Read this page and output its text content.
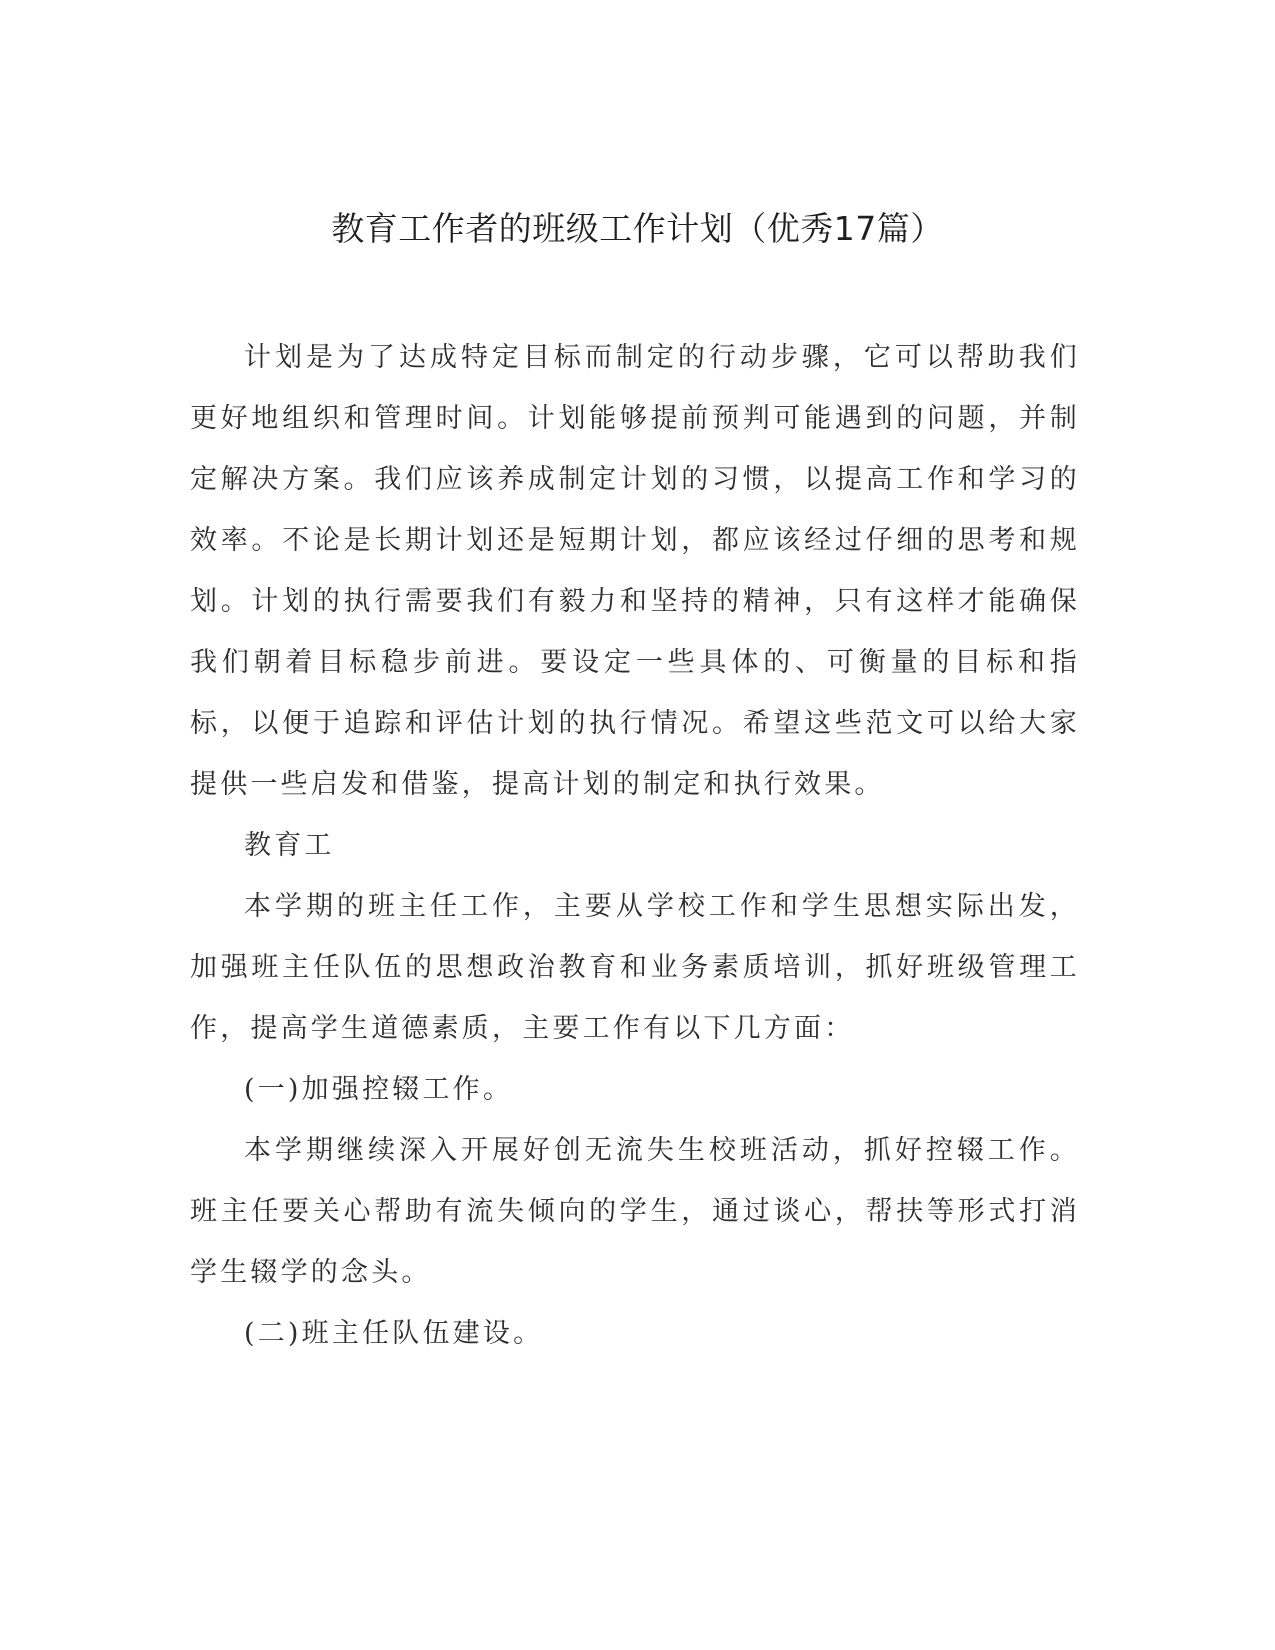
教育工作者的班级工作计划（优秀17篇）

计划是为了达成特定目标而制定的行动步骤，它可以帮助我们更好地组织和管理时间。计划能够提前预判可能遇到的问题，并制定解决方案。我们应该养成制定计划的习惯，以提高工作和学习的效率。不论是长期计划还是短期计划，都应该经过仔细的思考和规划。计划的执行需要我们有毅力和坚持的精神，只有这样才能确保我们朝着目标稳步前进。要设定一些具体的、可衡量的目标和指标，以便于追踪和评估计划的执行情况。希望这些范文可以给大家提供一些启发和借鉴，提高计划的制定和执行效果。

教育工

本学期的班主任工作，主要从学校工作和学生思想实际出发，加强班主任队伍的思想政治教育和业务素质培训，抓好班级管理工作，提高学生道德素质，主要工作有以下几方面：

(一)加强控辍工作。

本学期继续深入开展好创无流失生校班活动，抓好控辍工作。班主任要关心帮助有流失倾向的学生，通过谈心，帮扶等形式打消学生辍学的念头。

(二)班主任队伍建设。
